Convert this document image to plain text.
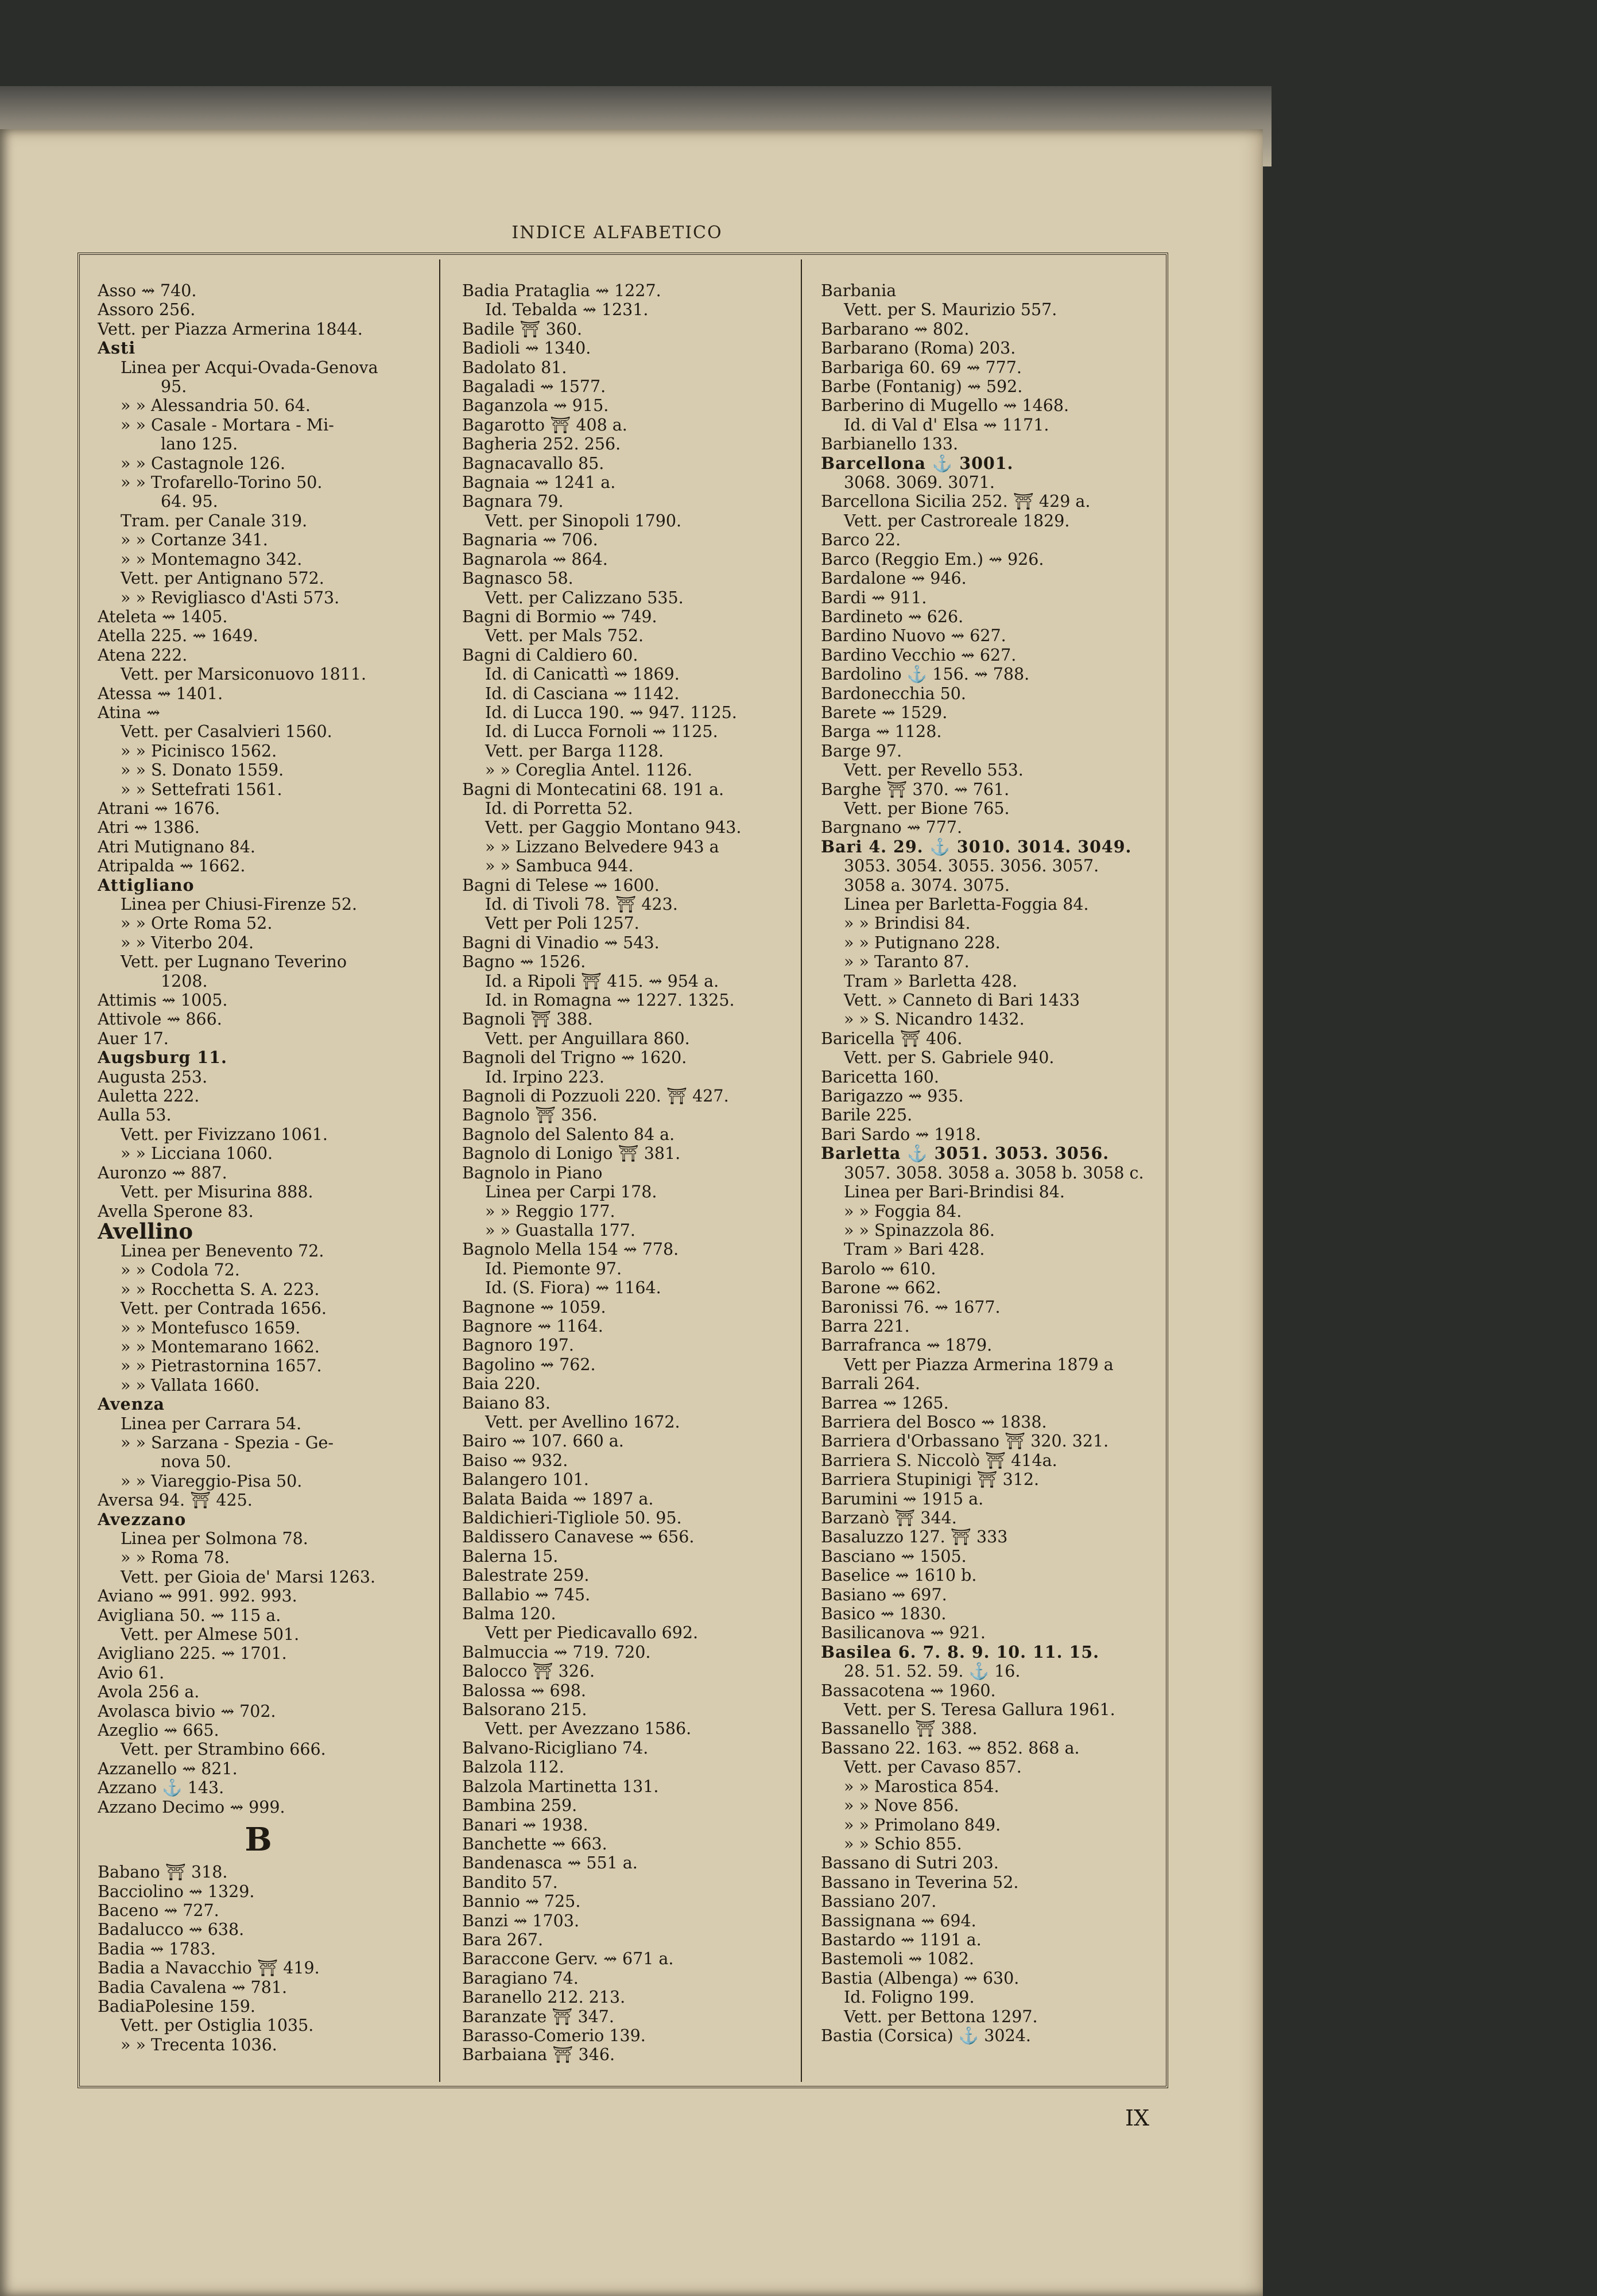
INDICE ALFABETICO
Asso ⇝ 740.
Assoro 256.
Vett. per Piazza Armerina 1844.
Asti
Linea per Acqui-Ovada-Genova
95.
» » Alessandria 50. 64.
» » Casale - Mortara - Mi-
lano 125.
» » Castagnole 126.
» » Trofarello-Torino 50.
64. 95.
Tram. per Canale 319.
» » Cortanze 341.
» » Montemagno 342.
Vett. per Antignano 572.
» » Revigliasco d'Asti 573.
Ateleta ⇝ 1405.
Atella 225. ⇝ 1649.
Atena 222.
Vett. per Marsiconuovo 1811.
Atessa ⇝ 1401.
Atina ⇝
Vett. per Casalvieri 1560.
» » Picinisco 1562.
» » S. Donato 1559.
» » Settefrati 1561.
Atrani ⇝ 1676.
Atri ⇝ 1386.
Atri Mutignano 84.
Atripalda ⇝ 1662.
Attigliano
Linea per Chiusi-Firenze 52.
» » Orte Roma 52.
» » Viterbo 204.
Vett. per Lugnano Teverino
1208.
Attimis ⇝ 1005.
Attivole ⇝ 866.
Auer 17.
Augsburg 11.
Augusta 253.
Auletta 222.
Aulla 53.
Vett. per Fivizzano 1061.
» » Licciana 1060.
Auronzo ⇝ 887.
Vett. per Misurina 888.
Avella Sperone 83.
Avellino
Linea per Benevento 72.
» » Codola 72.
» » Rocchetta S. A. 223.
Vett. per Contrada 1656.
» » Montefusco 1659.
» » Montemarano 1662.
» » Pietrastornina 1657.
» » Vallata 1660.
Avenza
Linea per Carrara 54.
» » Sarzana - Spezia - Ge-
nova 50.
» » Viareggio-Pisa 50.
Aversa 94. ⛩ 425.
Avezzano
Linea per Solmona 78.
» » Roma 78.
Vett. per Gioia de' Marsi 1263.
Aviano ⇝ 991. 992. 993.
Avigliana 50. ⇝ 115 a.
Vett. per Almese 501.
Avigliano 225. ⇝ 1701.
Avio 61.
Avola 256 a.
Avolasca bivio ⇝ 702.
Azeglio ⇝ 665.
Vett. per Strambino 666.
Azzanello ⇝ 821.
Azzano ⚓ 143.
Azzano Decimo ⇝ 999.
B
Babano ⛩ 318.
Bacciolino ⇝ 1329.
Baceno ⇝ 727.
Badalucco ⇝ 638.
Badia ⇝ 1783.
Badia a Navacchio ⛩ 419.
Badia Cavalena ⇝ 781.
BadiaPolesine 159.
Vett. per Ostiglia 1035.
» » Trecenta 1036.
Badia Prataglia ⇝ 1227.
Id. Tebalda ⇝ 1231.
Badile ⛩ 360.
Badioli ⇝ 1340.
Badolato 81.
Bagaladi ⇝ 1577.
Baganzola ⇝ 915.
Bagarotto ⛩ 408 a.
Bagheria 252. 256.
Bagnacavallo 85.
Bagnaia ⇝ 1241 a.
Bagnara 79.
Vett. per Sinopoli 1790.
Bagnaria ⇝ 706.
Bagnarola ⇝ 864.
Bagnasco 58.
Vett. per Calizzano 535.
Bagni di Bormio ⇝ 749.
Vett. per Mals 752.
Bagni di Caldiero 60.
Id. di Canicattì ⇝ 1869.
Id. di Casciana ⇝ 1142.
Id. di Lucca 190. ⇝ 947. 1125.
Id. di Lucca Fornoli ⇝ 1125.
Vett. per Barga 1128.
» » Coreglia Antel. 1126.
Bagni di Montecatini 68. 191 a.
Id. di Porretta 52.
Vett. per Gaggio Montano 943.
» » Lizzano Belvedere 943 a
» » Sambuca 944.
Bagni di Telese ⇝ 1600.
Id. di Tivoli 78. ⛩ 423.
Vett per Poli 1257.
Bagni di Vinadio ⇝ 543.
Bagno ⇝ 1526.
Id. a Ripoli ⛩ 415. ⇝ 954 a.
Id. in Romagna ⇝ 1227. 1325.
Bagnoli ⛩ 388.
Vett. per Anguillara 860.
Bagnoli del Trigno ⇝ 1620.
Id. Irpino 223.
Bagnoli di Pozzuoli 220. ⛩ 427.
Bagnolo ⛩ 356.
Bagnolo del Salento 84 a.
Bagnolo di Lonigo ⛩ 381.
Bagnolo in Piano
Linea per Carpi 178.
» » Reggio 177.
» » Guastalla 177.
Bagnolo Mella 154 ⇝ 778.
Id. Piemonte 97.
Id. (S. Fiora) ⇝ 1164.
Bagnone ⇝ 1059.
Bagnore ⇝ 1164.
Bagnoro 197.
Bagolino ⇝ 762.
Baia 220.
Baiano 83.
Vett. per Avellino 1672.
Bairo ⇝ 107. 660 a.
Baiso ⇝ 932.
Balangero 101.
Balata Baida ⇝ 1897 a.
Baldichieri-Tigliole 50. 95.
Baldissero Canavese ⇝ 656.
Balerna 15.
Balestrate 259.
Ballabio ⇝ 745.
Balma 120.
Vett per Piedicavallo 692.
Balmuccia ⇝ 719. 720.
Balocco ⛩ 326.
Balossa ⇝ 698.
Balsorano 215.
Vett. per Avezzano 1586.
Balvano-Ricigliano 74.
Balzola 112.
Balzola Martinetta 131.
Bambina 259.
Banari ⇝ 1938.
Banchette ⇝ 663.
Bandenasca ⇝ 551 a.
Bandito 57.
Bannio ⇝ 725.
Banzi ⇝ 1703.
Bara 267.
Baraccone Gerv. ⇝ 671 a.
Baragiano 74.
Baranello 212. 213.
Baranzate ⛩ 347.
Barasso-Comerio 139.
Barbaiana ⛩ 346.
Barbania
Vett. per S. Maurizio 557.
Barbarano ⇝ 802.
Barbarano (Roma) 203.
Barbariga 60. 69 ⇝ 777.
Barbe (Fontanig) ⇝ 592.
Barberino di Mugello ⇝ 1468.
Id. di Val d' Elsa ⇝ 1171.
Barbianello 133.
Barcellona ⚓ 3001.
3068. 3069. 3071.
Barcellona Sicilia 252. ⛩ 429 a.
Vett. per Castroreale 1829.
Barco 22.
Barco (Reggio Em.) ⇝ 926.
Bardalone ⇝ 946.
Bardi ⇝ 911.
Bardineto ⇝ 626.
Bardino Nuovo ⇝ 627.
Bardino Vecchio ⇝ 627.
Bardolino ⚓ 156. ⇝ 788.
Bardonecchia 50.
Barete ⇝ 1529.
Barga ⇝ 1128.
Barge 97.
Vett. per Revello 553.
Barghe ⛩ 370. ⇝ 761.
Vett. per Bione 765.
Bargnano ⇝ 777.
Bari 4. 29. ⚓ 3010. 3014. 3049.
3053. 3054. 3055. 3056. 3057.
3058 a. 3074. 3075.
Linea per Barletta-Foggia 84.
» » Brindisi 84.
» » Putignano 228.
» » Taranto 87.
Tram » Barletta 428.
Vett. » Canneto di Bari 1433
» » S. Nicandro 1432.
Baricella ⛩ 406.
Vett. per S. Gabriele 940.
Baricetta 160.
Barigazzo ⇝ 935.
Barile 225.
Bari Sardo ⇝ 1918.
Barletta ⚓ 3051. 3053. 3056.
3057. 3058. 3058 a. 3058 b. 3058 c.
Linea per Bari-Brindisi 84.
» » Foggia 84.
» » Spinazzola 86.
Tram » Bari 428.
Barolo ⇝ 610.
Barone ⇝ 662.
Baronissi 76. ⇝ 1677.
Barra 221.
Barrafranca ⇝ 1879.
Vett per Piazza Armerina 1879 a
Barrali 264.
Barrea ⇝ 1265.
Barriera del Bosco ⇝ 1838.
Barriera d'Orbassano ⛩ 320. 321.
Barriera S. Niccolò ⛩ 414a.
Barriera Stupinigi ⛩ 312.
Barumini ⇝ 1915 a.
Barzanò ⛩ 344.
Basaluzzo 127. ⛩ 333
Basciano ⇝ 1505.
Baselice ⇝ 1610 b.
Basiano ⇝ 697.
Basico ⇝ 1830.
Basilicanova ⇝ 921.
Basilea 6. 7. 8. 9. 10. 11. 15.
28. 51. 52. 59. ⚓ 16.
Bassacotena ⇝ 1960.
Vett. per S. Teresa Gallura 1961.
Bassanello ⛩ 388.
Bassano 22. 163. ⇝ 852. 868 a.
Vett. per Cavaso 857.
» » Marostica 854.
» » Nove 856.
» » Primolano 849.
» » Schio 855.
Bassano di Sutri 203.
Bassano in Teverina 52.
Bassiano 207.
Bassignana ⇝ 694.
Bastardo ⇝ 1191 a.
Bastemoli ⇝ 1082.
Bastia (Albenga) ⇝ 630.
Id. Foligno 199.
Vett. per Bettona 1297.
Bastia (Corsica) ⚓ 3024.
IX
